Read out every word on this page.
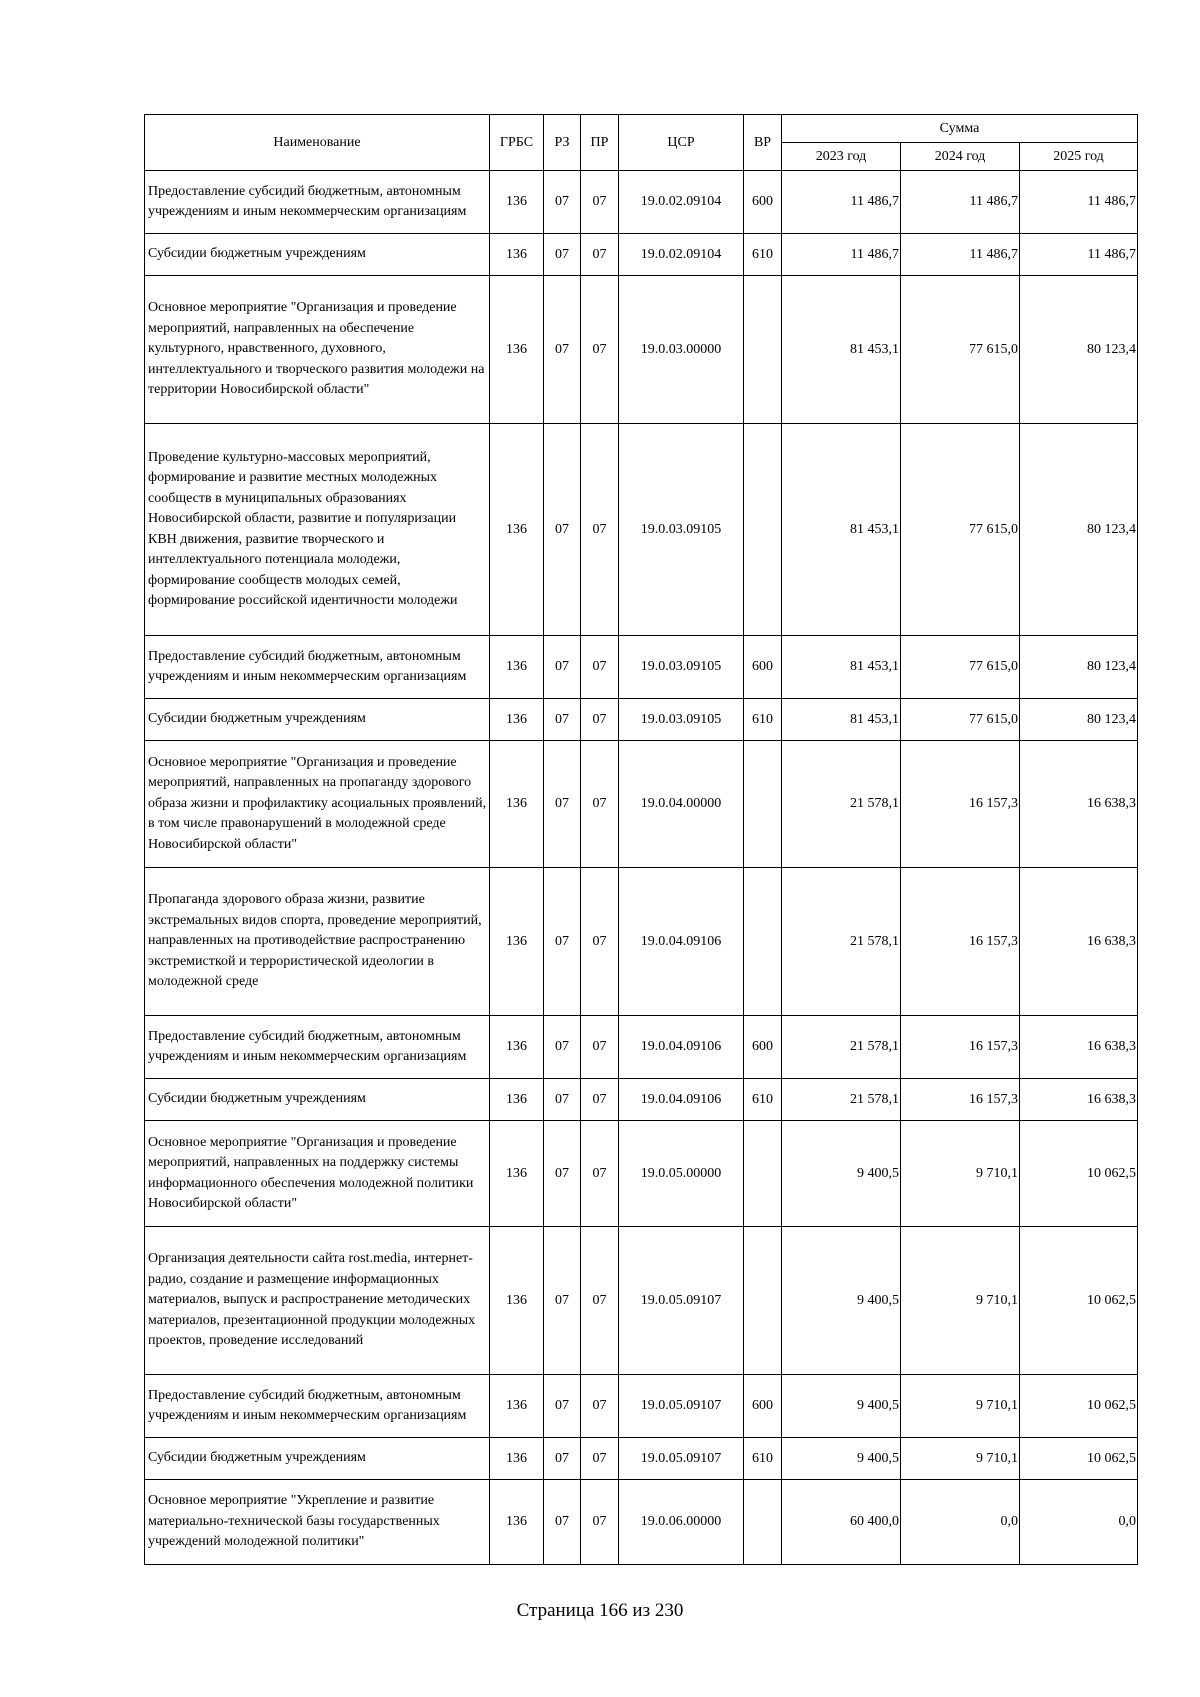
Наименование	ГРБС	РЗ	ПР	ЦСР	ВР	Сумма		
						2023 год	2024 год	2025 год
Предоставление субсидий бюджетным, автономным учреждениям и иным некоммерческим организациям	136	07	07	19.0.02.09104	600	11 486,7	11 486,7	11 486,7
Субсидии бюджетным учреждениям	136	07	07	19.0.02.09104	610	11 486,7	11 486,7	11 486,7
Основное мероприятие "Организация и проведение мероприятий, направленных на обеспечение культурного, нравственного, духовного, интеллектуального и творческого развития молодежи на территории Новосибирской области"	136	07	07	19.0.03.00000		81 453,1	77 615,0	80 123,4
Проведение культурно-массовых мероприятий, формирование и развитие местных молодежных сообществ в муниципальных образованиях Новосибирской области, развитие и популяризации КВН движения, развитие творческого и интеллектуального потенциала молодежи, формирование сообществ молодых семей, формирование российской идентичности молодежи	136	07	07	19.0.03.09105		81 453,1	77 615,0	80 123,4
Предоставление субсидий бюджетным, автономным учреждениям и иным некоммерческим организациям	136	07	07	19.0.03.09105	600	81 453,1	77 615,0	80 123,4
Субсидии бюджетным учреждениям	136	07	07	19.0.03.09105	610	81 453,1	77 615,0	80 123,4
Основное мероприятие "Организация и проведение мероприятий, направленных на пропаганду здорового образа жизни и профилактику асоциальных проявлений, в том числе правонарушений в молодежной среде Новосибирской области"	136	07	07	19.0.04.00000		21 578,1	16 157,3	16 638,3
Пропаганда здорового образа жизни, развитие экстремальных видов спорта, проведение мероприятий, направленных на противодействие распространению экстремисткой и террористической идеологии в молодежной среде	136	07	07	19.0.04.09106		21 578,1	16 157,3	16 638,3
Предоставление субсидий бюджетным, автономным учреждениям и иным некоммерческим организациям	136	07	07	19.0.04.09106	600	21 578,1	16 157,3	16 638,3
Субсидии бюджетным учреждениям	136	07	07	19.0.04.09106	610	21 578,1	16 157,3	16 638,3
Основное мероприятие "Организация и проведение мероприятий, направленных на поддержку системы информационного обеспечения молодежной политики Новосибирской области"	136	07	07	19.0.05.00000		9 400,5	9 710,1	10 062,5
Организация деятельности сайта rost.media, интернет-радио, создание и размещение информационных материалов, выпуск и распространение методических материалов, презентационной продукции молодежных проектов, проведение исследований	136	07	07	19.0.05.09107		9 400,5	9 710,1	10 062,5
Предоставление субсидий бюджетным, автономным учреждениям и иным некоммерческим организациям	136	07	07	19.0.05.09107	600	9 400,5	9 710,1	10 062,5
Субсидии бюджетным учреждениям	136	07	07	19.0.05.09107	610	9 400,5	9 710,1	10 062,5
Основное мероприятие "Укрепление и развитие материально-технической базы государственных учреждений молодежной политики"	136	07	07	19.0.06.00000		60 400,0	0,0	0,0
Страница 166 из 230
